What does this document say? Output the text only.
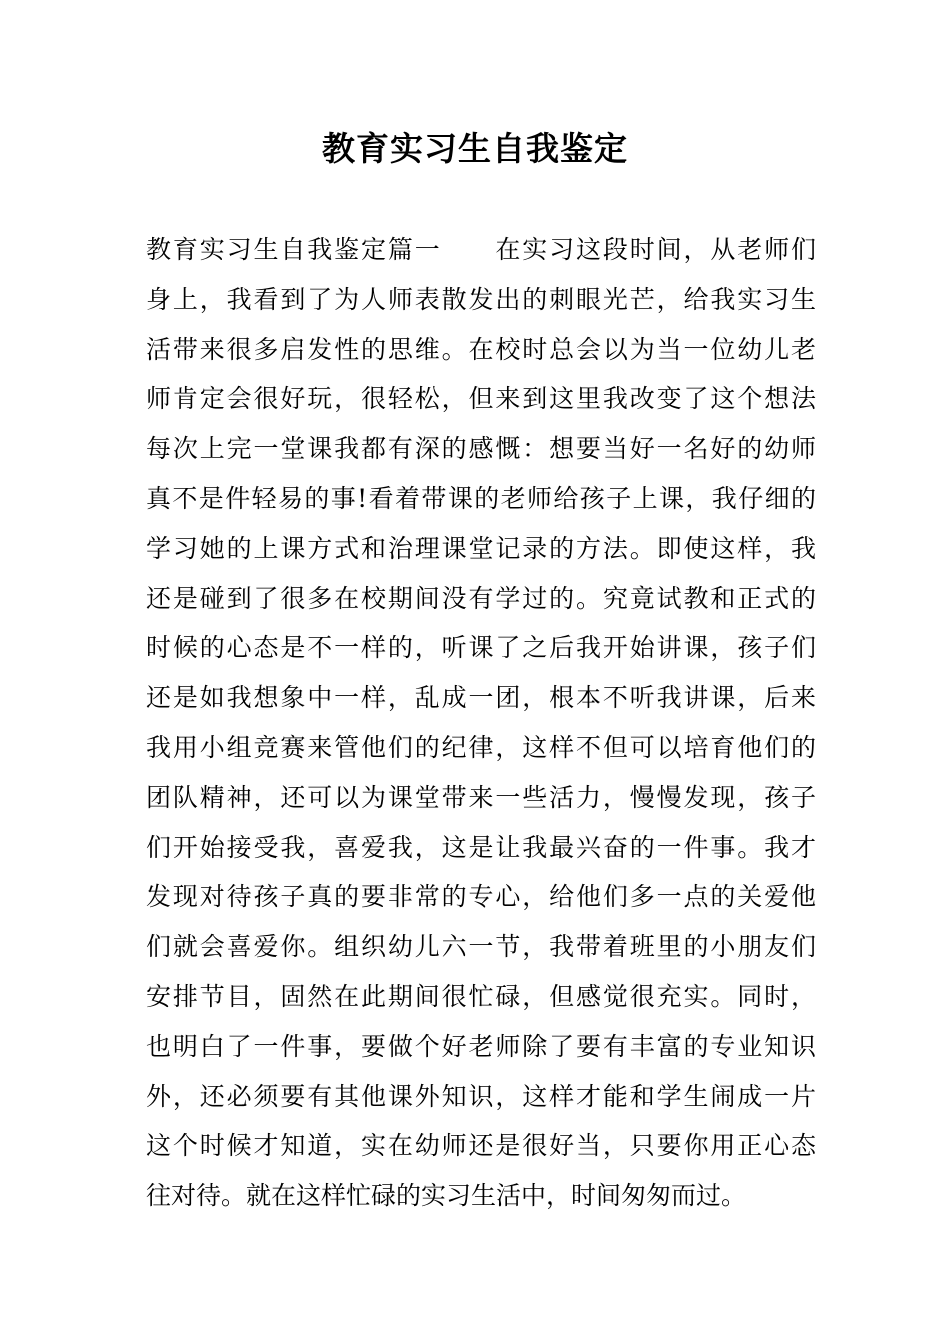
教育实习生自我鉴定
教育实习生自我鉴定篇一　　在实习这段时间，从老师们
身上，我看到了为人师表散发出的刺眼光芒，给我实习生
活带来很多启发性的思维。在校时总会以为当一位幼儿老
师肯定会很好玩，很轻松，但来到这里我改变了这个想法
每次上完一堂课我都有深的感慨：想要当好一名好的幼师
真不是件轻易的事!看着带课的老师给孩子上课，我仔细的
学习她的上课方式和治理课堂记录的方法。即使这样，我
还是碰到了很多在校期间没有学过的。究竟试教和正式的
时候的心态是不一样的，听课了之后我开始讲课，孩子们
还是如我想象中一样，乱成一团，根本不听我讲课，后来
我用小组竞赛来管他们的纪律，这样不但可以培育他们的
团队精神，还可以为课堂带来一些活力，慢慢发现，孩子
们开始接受我，喜爱我，这是让我最兴奋的一件事。我才
发现对待孩子真的要非常的专心，给他们多一点的关爱他
们就会喜爱你。组织幼儿六一节，我带着班里的小朋友们
安排节目，固然在此期间很忙碌，但感觉很充实。同时，
也明白了一件事，要做个好老师除了要有丰富的专业知识
外，还必须要有其他课外知识，这样才能和学生闹成一片
这个时候才知道，实在幼师还是很好当，只要你用正心态
往对待。就在这样忙碌的实习生活中，时间匆匆而过。
